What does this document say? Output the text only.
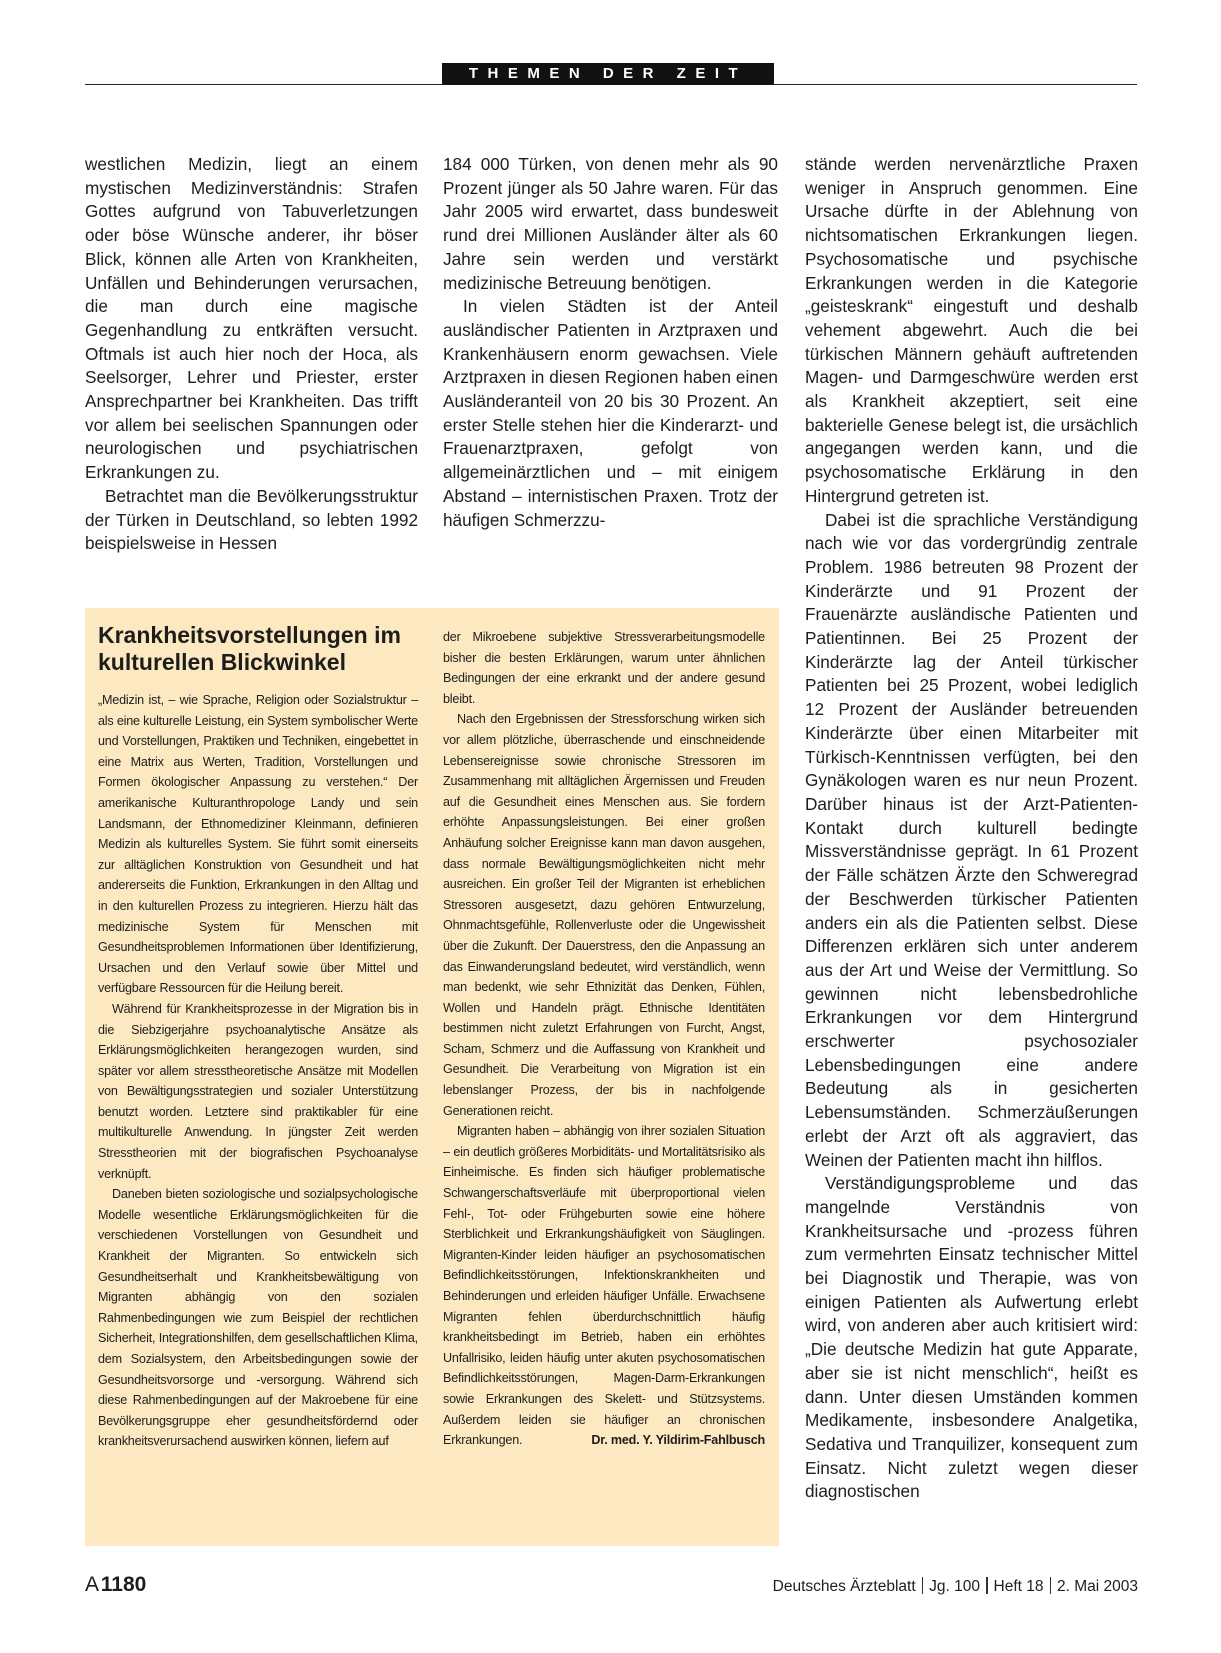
THEMEN DER ZEIT

westlichen Medizin, liegt an einem mystischen Medizinverständnis: Strafen Gottes aufgrund von Tabuverletzungen oder böse Wünsche anderer, ihr böser Blick, können alle Arten von Krankheiten, Unfällen und Behinderungen verursachen, die man durch eine magische Gegenhandlung zu entkräften versucht. Oftmals ist auch hier noch der Hoca, als Seelsorger, Lehrer und Priester, erster Ansprechpartner bei Krankheiten. Das trifft vor allem bei seelischen Spannungen oder neurologischen und psychiatrischen Erkrankungen zu.

Betrachtet man die Bevölkerungsstruktur der Türken in Deutschland, so lebten 1992 beispielsweise in Hessen

184 000 Türken, von denen mehr als 90 Prozent jünger als 50 Jahre waren. Für das Jahr 2005 wird erwartet, dass bundesweit rund drei Millionen Ausländer älter als 60 Jahre sein werden und verstärkt medizinische Betreuung benötigen.

In vielen Städten ist der Anteil ausländischer Patienten in Arztpraxen und Krankenhäusern enorm gewachsen. Viele Arztpraxen in diesen Regionen haben einen Ausländeranteil von 20 bis 30 Prozent. An erster Stelle stehen hier die Kinderarzt- und Frauenarztpraxen, gefolgt von allgemeinärztlichen und – mit einigem Abstand – internistischen Praxen. Trotz der häufigen Schmerzzu-

stände werden nervenärztliche Praxen weniger in Anspruch genommen. Eine Ursache dürfte in der Ablehnung von nichtsomatischen Erkrankungen liegen. Psychosomatische und psychische Erkrankungen werden in die Kategorie „geisteskrank“ eingestuft und deshalb vehement abgewehrt. Auch die bei türkischen Männern gehäuft auftretenden Magen- und Darmgeschwüre werden erst als Krankheit akzeptiert, seit eine bakterielle Genese belegt ist, die ursächlich angegangen werden kann, und die psychosomatische Erklärung in den Hintergrund getreten ist.

Dabei ist die sprachliche Verständigung nach wie vor das vordergründig zentrale Problem. 1986 betreuten 98 Prozent der Kinderärzte und 91 Prozent der Frauenärzte ausländische Patienten und Patientinnen. Bei 25 Prozent der Kinderärzte lag der Anteil türkischer Patienten bei 25 Prozent, wobei lediglich 12 Prozent der Ausländer betreuenden Kinderärzte über einen Mitarbeiter mit Türkisch-Kenntnissen verfügten, bei den Gynäkologen waren es nur neun Prozent. Darüber hinaus ist der Arzt-Patienten-Kontakt durch kulturell bedingte Missverständnisse geprägt. In 61 Prozent der Fälle schätzen Ärzte den Schweregrad der Beschwerden türkischer Patienten anders ein als die Patienten selbst. Diese Differenzen erklären sich unter anderem aus der Art und Weise der Vermittlung. So gewinnen nicht lebensbedrohliche Erkrankungen vor dem Hintergrund erschwerter psychosozialer Lebensbedingungen eine andere Bedeutung als in gesicherten Lebensumständen. Schmerzäußerungen erlebt der Arzt oft als aggraviert, das Weinen der Patienten macht ihn hilflos.

Verständigungsprobleme und das mangelnde Verständnis von Krankheitsursache und -prozess führen zum vermehrten Einsatz technischer Mittel bei Diagnostik und Therapie, was von einigen Patienten als Aufwertung erlebt wird, von anderen aber auch kritisiert wird: „Die deutsche Medizin hat gute Apparate, aber sie ist nicht menschlich“, heißt es dann. Unter diesen Umständen kommen Medikamente, insbesondere Analgetika, Sedativa und Tranquilizer, konsequent zum Einsatz. Nicht zuletzt wegen dieser diagnostischen

Krankheitsvorstellungen im kulturellen Blickwinkel

„Medizin ist, – wie Sprache, Religion oder Sozialstruktur – als eine kulturelle Leistung, ein System symbolischer Werte und Vorstellungen, Praktiken und Techniken, eingebettet in eine Matrix aus Werten, Tradition, Vorstellungen und Formen ökologischer Anpassung zu verstehen.“ Der amerikanische Kulturanthropologe Landy und sein Landsmann, der Ethnomediziner Kleinmann, definieren Medizin als kulturelles System. Sie führt somit einerseits zur alltäglichen Konstruktion von Gesundheit und hat andererseits die Funktion, Erkrankungen in den Alltag und in den kulturellen Prozess zu integrieren. Hierzu hält das medizinische System für Menschen mit Gesundheitsproblemen Informationen über Identifizierung, Ursachen und den Verlauf sowie über Mittel und verfügbare Ressourcen für die Heilung bereit.

Während für Krankheitsprozesse in der Migration bis in die Siebzigerjahre psychoanalytische Ansätze als Erklärungsmöglichkeiten herangezogen wurden, sind später vor allem stresstheoretische Ansätze mit Modellen von Bewältigungsstrategien und sozialer Unterstützung benutzt worden. Letztere sind praktikabler für eine multikulturelle Anwendung. In jüngster Zeit werden Stresstheorien mit der biografischen Psychoanalyse verknüpft.

Daneben bieten soziologische und sozialpsychologische Modelle wesentliche Erklärungsmöglichkeiten für die verschiedenen Vorstellungen von Gesundheit und Krankheit der Migranten. So entwickeln sich Gesundheitserhalt und Krankheitsbewältigung von Migranten abhängig von den sozialen Rahmenbedingungen wie zum Beispiel der rechtlichen Sicherheit, Integrationshilfen, dem gesellschaftlichen Klima, dem Sozialsystem, den Arbeitsbedingungen sowie der Gesundheitsvorsorge und -versorgung. Während sich diese Rahmenbedingungen auf der Makroebene für eine Bevölkerungsgruppe eher gesundheitsfördernd oder krankheitsverursachend auswirken können, liefern auf

der Mikroebene subjektive Stressverarbeitungsmodelle bisher die besten Erklärungen, warum unter ähnlichen Bedingungen der eine erkrankt und der andere gesund bleibt.

Nach den Ergebnissen der Stressforschung wirken sich vor allem plötzliche, überraschende und einschneidende Lebensereignisse sowie chronische Stressoren im Zusammenhang mit alltäglichen Ärgernissen und Freuden auf die Gesundheit eines Menschen aus. Sie fordern erhöhte Anpassungsleistungen. Bei einer großen Anhäufung solcher Ereignisse kann man davon ausgehen, dass normale Bewältigungsmöglichkeiten nicht mehr ausreichen. Ein großer Teil der Migranten ist erheblichen Stressoren ausgesetzt, dazu gehören Entwurzelung, Ohnmachtsgefühle, Rollenverluste oder die Ungewissheit über die Zukunft. Der Dauerstress, den die Anpassung an das Einwanderungsland bedeutet, wird verständlich, wenn man bedenkt, wie sehr Ethnizität das Denken, Fühlen, Wollen und Handeln prägt. Ethnische Identitäten bestimmen nicht zuletzt Erfahrungen von Furcht, Angst, Scham, Schmerz und die Auffassung von Krankheit und Gesundheit. Die Verarbeitung von Migration ist ein lebenslanger Prozess, der bis in nachfolgende Generationen reicht.

Migranten haben – abhängig von ihrer sozialen Situation – ein deutlich größeres Morbiditäts- und Mortalitätsrisiko als Einheimische. Es finden sich häufiger problematische Schwangerschaftsverläufe mit überproportional vielen Fehl-, Tot- oder Frühgeburten sowie eine höhere Sterblichkeit und Erkrankungshäufigkeit von Säuglingen. Migranten-Kinder leiden häufiger an psychosomatischen Befindlichkeitsstörungen, Infektionskrankheiten und Behinderungen und erleiden häufiger Unfälle. Erwachsene Migranten fehlen überdurchschnittlich häufig krankheitsbedingt im Betrieb, haben ein erhöhtes Unfallrisiko, leiden häufig unter akuten psychosomatischen Befindlichkeitsstörungen, Magen-Darm-Erkrankungen sowie Erkrankungen des Skelett- und Stützsystems. Außerdem leiden sie häufiger an chronischen Erkrankungen.	Dr. med. Y. Yildirim-Fahlbusch

A 1180	Deutsches Ärzteblatt Jg. 100 Heft 18 2. Mai 2003
